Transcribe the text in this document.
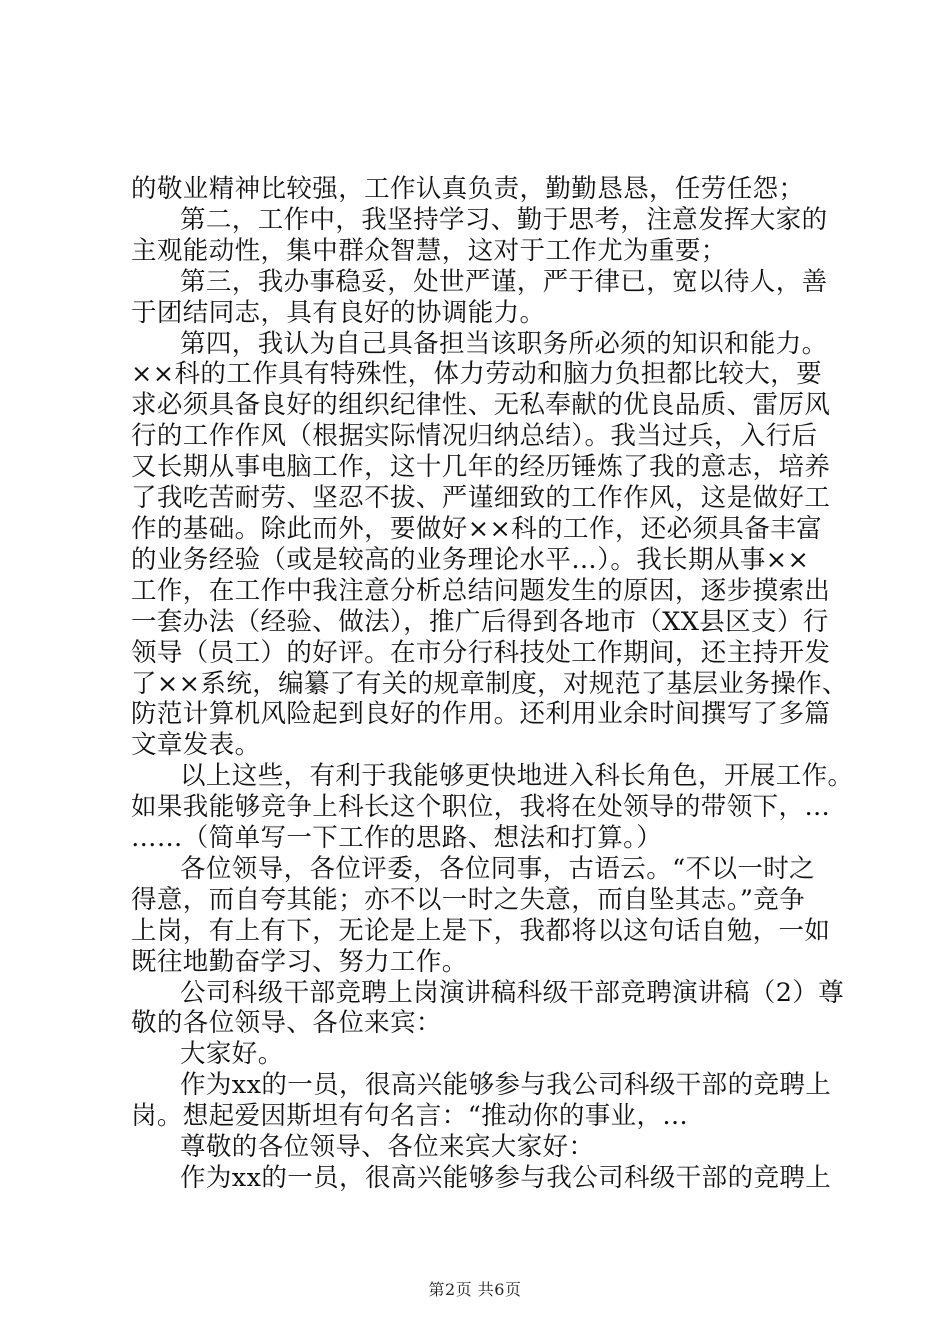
的敬业精神比较强，工作认真负责，勤勤恳恳，任劳任怨；
第二，工作中，我坚持学习、勤于思考，注意发挥大家的
主观能动性，集中群众智慧，这对于工作尤为重要；
第三，我办事稳妥，处世严谨，严于律已，宽以待人，善
于团结同志，具有良好的协调能力。
第四，我认为自己具备担当该职务所必须的知识和能力。
××科的工作具有特殊性，体力劳动和脑力负担都比较大，要
求必须具备良好的组织纪律性、无私奉献的优良品质、雷厉风
行的工作作风（根据实际情况归纳总结）。我当过兵，入行后
又长期从事电脑工作，这十几年的经历锤炼了我的意志，培养
了我吃苦耐劳、坚忍不拔、严谨细致的工作作风，这是做好工
作的基础。除此而外，要做好××科的工作，还必须具备丰富
的业务经验（或是较高的业务理论水平…）。我长期从事××
工作，在工作中我注意分析总结问题发生的原因，逐步摸索出
一套办法（经验、做法），推广后得到各地市（XX县区支）行
领导（员工）的好评。在市分行科技处工作期间，还主持开发
了××系统，编纂了有关的规章制度，对规范了基层业务操作、
防范计算机风险起到良好的作用。还利用业余时间撰写了多篇
文章发表。
以上这些，有利于我能够更快地进入科长角色，开展工作。
如果我能够竞争上科长这个职位，我将在处领导的带领下，…
……（简单写一下工作的思路、想法和打算。）
各位领导，各位评委，各位同事，古语云。“不以一时之
得意，而自夸其能；亦不以一时之失意，而自坠其志。”竞争
上岗，有上有下，无论是上是下，我都将以这句话自勉，一如
既往地勤奋学习、努力工作。
公司科级干部竞聘上岗演讲稿科级干部竞聘演讲稿（2）尊
敬的各位领导、各位来宾：
大家好。
作为xx的一员，很高兴能够参与我公司科级干部的竞聘上
岗。想起爱因斯坦有句名言：“推动你的事业，...
尊敬的各位领导、各位来宾大家好：
作为xx的一员，很高兴能够参与我公司科级干部的竞聘上
第2页 共6页
